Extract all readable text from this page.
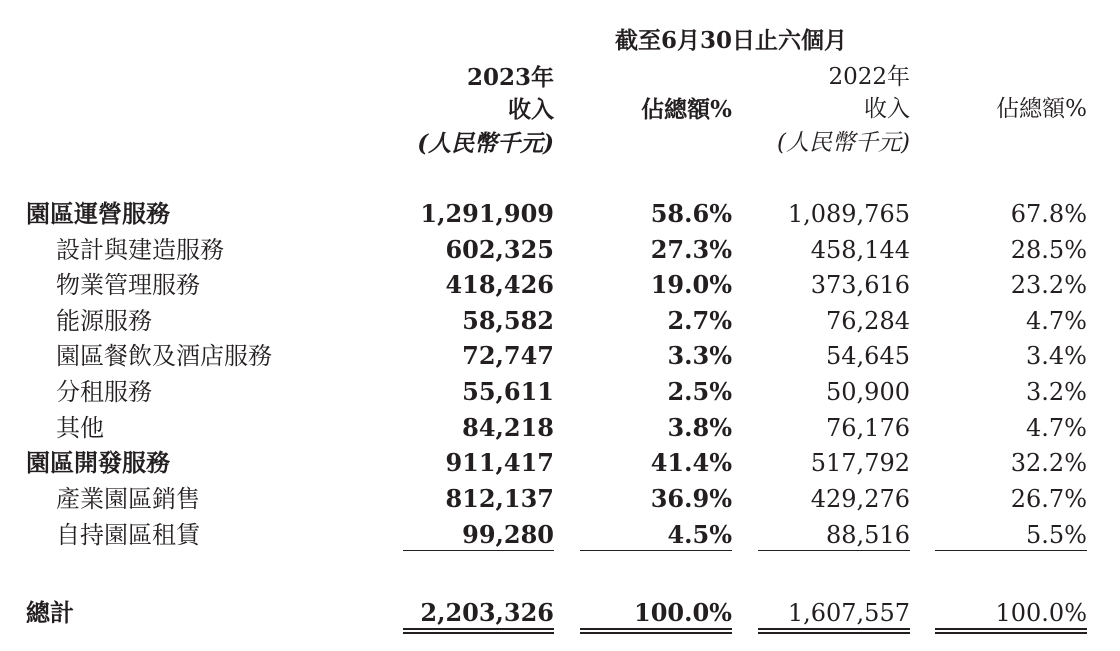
截至6月30日止六個月
2023年
收入
(人民幣千元)
佔總額%
2022年
收入
(人民幣千元)
佔總額%
園區運營服務	1,291,909	58.6% 1,089,765	67.8%
設計與建造服務	602,325	27.3%	458,144	28.5%
物業管理服務	418,426	19.0%	373,616	23.2%
能源服務	58,582	2.7%	76,284	4.7%
園區餐飲及酒店服務	72,747	3.3%	54,645	3.4%
分租服務	55,611	2.5%	50,900	3.2%
其他	84,218	3.8%	76,176	4.7%
園區開發服務	911,417	41.4%	517,792	32.2%
產業園區銷售	812,137	36.9%	429,276	26.7%
自持園區租賃	99,280	4.5%	88,516	5.5%
總計	2,203,326	100.0% 1,607,557	100.0%
